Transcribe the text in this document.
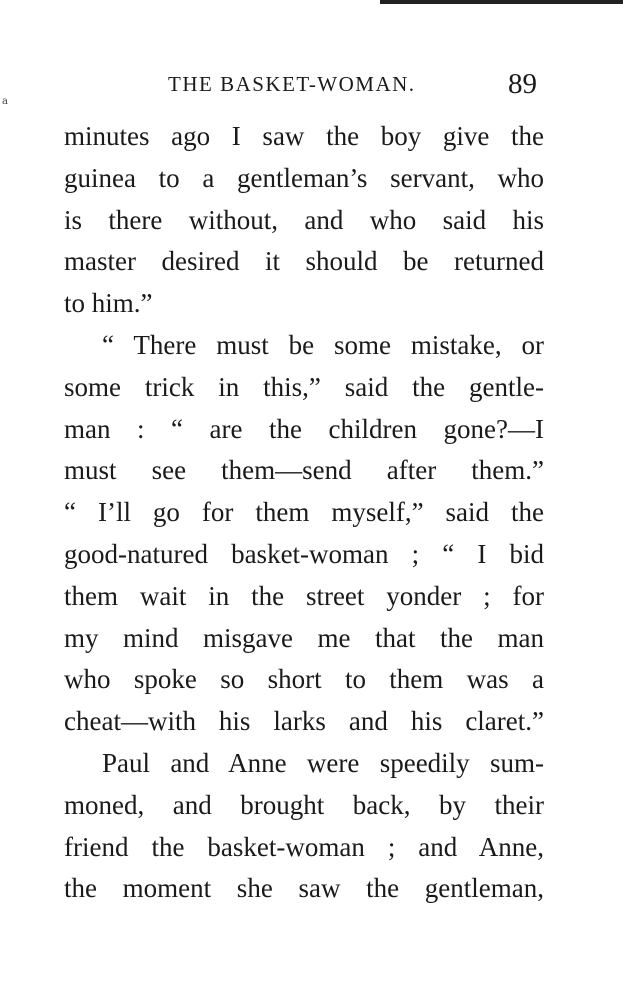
a
THE BASKET-WOMAN.	89
minutes ago I saw the boy give the
guinea to a gentleman’s servant, who
is there without, and who said his
master desired it should be returned
to him.”
“ There must be some mistake, or
some trick in this,” said the gentle-
man : “ are the children gone?—I
must see them—send after them.”
“ I’ll go for them myself,” said the
good-natured basket-woman ; “ I bid
them wait in the street yonder ; for
my mind misgave me that the man
who spoke so short to them was a
cheat—with his larks and his claret.”
Paul and Anne were speedily sum-
moned, and brought back, by their
friend the basket-woman ; and Anne,
the moment she saw the gentleman,
